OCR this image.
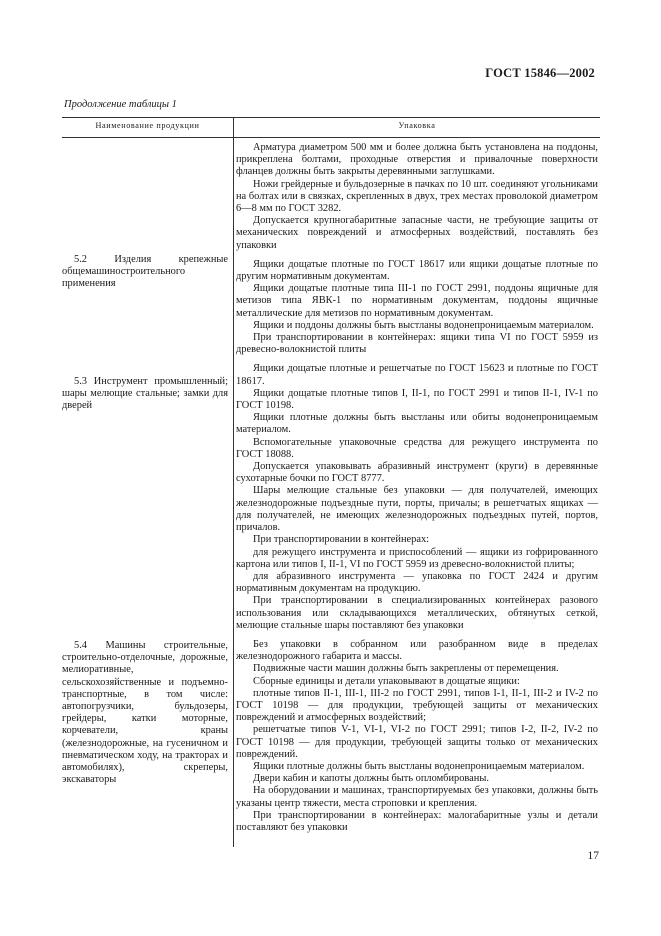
ГОСТ 15846—2002
Продолжение таблицы 1
Наименование продукции	Упаковка
5.2 Изделия крепежные общемашиностроительного применения
5.3 Инструмент промышленный; шары мелющие стальные; замки для дверей
5.4 Машины строительные, строительно-отделочные, дорожные, мелиоративные, сельскохозяйственные и подъемно-транспортные, в том числе: автопогрузчики, бульдозеры, грейдеры, катки моторные, корчеватели, краны (железнодорожные, на гусеничном и пневматическом ходу, на тракторах и автомобилях), скреперы, экскаваторы

Арматура диаметром 500 мм и более должна быть установлена на поддоны, прикреплена болтами, проходные отверстия и привалочные поверхности фланцев должны быть закрыты деревянными заглушками.

Ножи грейдерные и бульдозерные в пачках по 10 шт. соединяют угольниками на болтах или в связках, скрепленных в двух, трех местах проволокой диаметром 6—8 мм по ГОСТ 3282.

Допускается крупногабаритные запасные части, не требующие защиты от механических повреждений и атмосферных воздействий, поставлять без упаковки

Ящики дощатые плотные по ГОСТ 18617 или ящики дощатые плотные по другим нормативным документам.

Ящики дощатые плотные типа III-1 по ГОСТ 2991, поддоны ящичные для метизов типа ЯВК-1 по нормативным документам, поддоны ящичные металлические для метизов по нормативным документам.

Ящики и поддоны должны быть выстланы водонепроницаемым материалом.

При транспортировании в контейнерах: ящики типа VI по ГОСТ 5959 из древесно-волокнистой плиты

Ящики дощатые плотные и решетчатые по ГОСТ 15623 и плотные по ГОСТ 18617.

Ящики дощатые плотные типов I, II-1, по ГОСТ 2991 и типов II-1, IV-1 по ГОСТ 10198.

Ящики плотные должны быть выстланы или обиты водонепроницаемым материалом.

Вспомогательные упаковочные средства для режущего инструмента по ГОСТ 18088.

Допускается упаковывать абразивный инструмент (круги) в деревянные сухотарные бочки по ГОСТ 8777.

Шары мелющие стальные без упаковки — для получателей, имеющих железнодорожные подъездные пути, порты, причалы; в решетчатых ящиках — для получателей, не имеющих железнодорожных подъездных путей, портов, причалов.

При транспортировании в контейнерах:

для режущего инструмента и приспособлений — ящики из гофрированного картона или типов I, II-1, VI по ГОСТ 5959 из древесно-волокнистой плиты;

для абразивного инструмента — упаковка по ГОСТ 2424 и другим нормативным документам на продукцию.

При транспортировании в специализированных контейнерах разового использования или складывающихся металлических, обтянутых сеткой, мелющие стальные шары поставляют без упаковки

Без упаковки в собранном или разобранном виде в пределах железнодорожного габарита и массы.

Подвижные части машин должны быть закреплены от перемещения.

Сборные единицы и детали упаковывают в дощатые ящики:

плотные типов II-1, III-1, III-2 по ГОСТ 2991, типов I-1, II-1, III-2 и IV-2 по ГОСТ 10198 — для продукции, требующей защиты от механических повреждений и атмосферных воздействий;

решетчатые типов V-1, VI-1, VI-2 по ГОСТ 2991; типов I-2, II-2, IV-2 по ГОСТ 10198 — для продукции, требующей защиты только от механических повреждений.

Ящики плотные должны быть выстланы водонепроницаемым материалом.

Двери кабин и капоты должны быть опломбированы.

На оборудовании и машинах, транспортируемых без упаковки, должны быть указаны центр тяжести, места строповки и крепления.

При транспортировании в контейнерах: малогабаритные узлы и детали поставляют без упаковки

17
